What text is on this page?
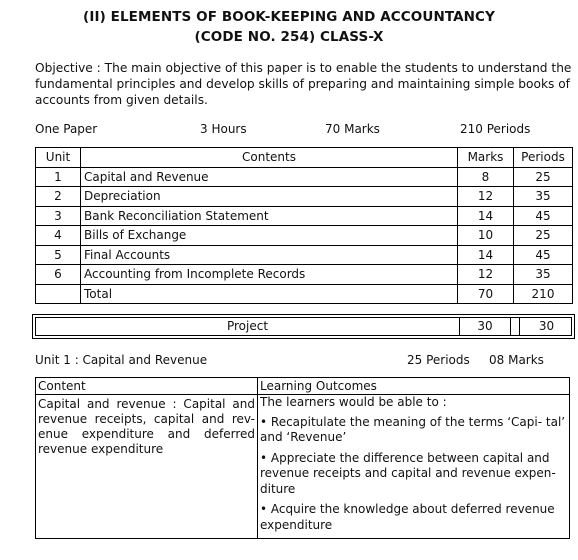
(II) ELEMENTS OF BOOK-KEEPING AND ACCOUNTANCY
(CODE NO. 254) CLASS-X

Objective : The main objective of this paper is to enable the students to understand the fundamental principles and develop skills of preparing and maintaining simple books of accounts from given details.

One Paper	3 Hours	70 Marks	210 Periods
Unit	Contents	Marks	Periods
1	Capital and Revenue	8	25
2	Depreciation	12	35
3	Bank Reconciliation Statement	14	45
4	Bills of Exchange	10	25
5	Final Accounts	14	45
6	Accounting from Incomplete Records	12	35
	Total	70	210
Project	30	30
Unit 1 : Capital and Revenue	25 Periods 08 Marks
Content	Learning Outcomes
Capital and revenue : Capital and revenue receipts, capital and rev- enue expenditure and deferred revenue expenditure	The learners would be able to :

• Recapitulate the meaning of the terms ‘Capi- tal’ and ‘Revenue’

• Appreciate the difference between capital and revenue receipts and capital and revenue expen- diture

• Acquire the knowledge about deferred revenue expenditure
